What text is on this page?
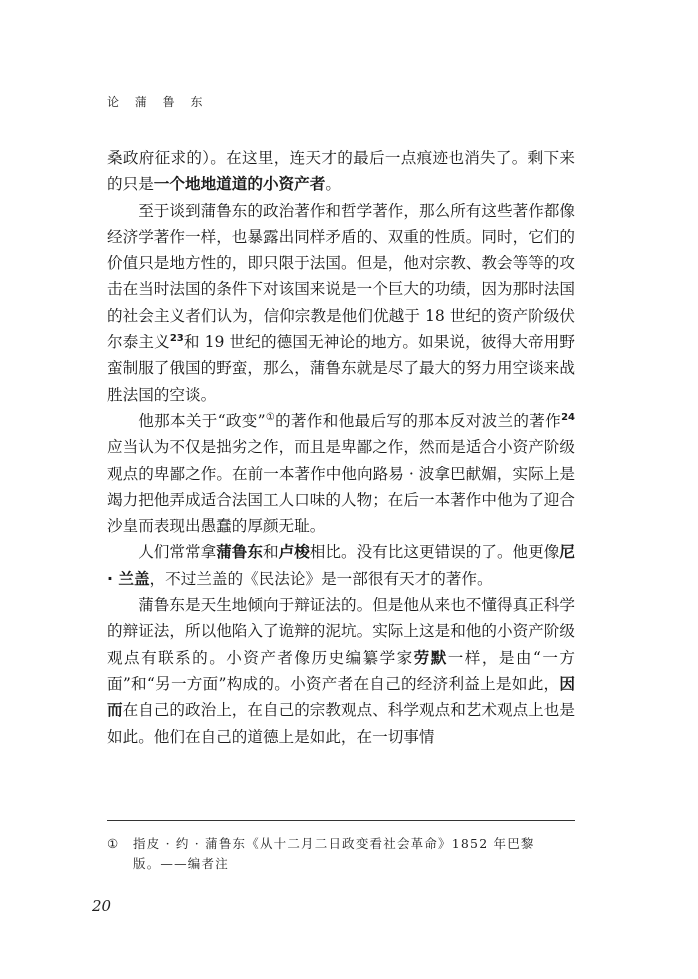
论 蒲 鲁 东

桑政府征求的）。在这里，连天才的最后一点痕迹也消失了。剩下来的只是一个地地道道的小资产者。

至于谈到蒲鲁东的政治著作和哲学著作，那么所有这些著作都像经济学著作一样，也暴露出同样矛盾的、双重的性质。同时，它们的价值只是地方性的，即只限于法国。但是，他对宗教、教会等等的攻击在当时法国的条件下对该国来说是一个巨大的功绩，因为那时法国的社会主义者们认为，信仰宗教是他们优越于 18 世纪的资产阶级伏尔泰主义$^{23}$和 19 世纪的德国无神论的地方。如果说，彼得大帝用野蛮制服了俄国的野蛮，那么，蒲鲁东就是尽了最大的努力用空谈来战胜法国的空谈。

他那本关于“政变”①的著作和他最后写的那本反对波兰的著作$^{24}$应当认为不仅是拙劣之作，而且是卑鄙之作，然而是适合小资产阶级观点的卑鄙之作。在前一本著作中他向路易 · 波拿巴献媚，实际上是竭力把他弄成适合法国工人口味的人物；在后一本著作中他为了迎合沙皇而表现出愚蠢的厚颜无耻。

人们常常拿蒲鲁东和卢梭相比。没有比这更错误的了。他更像尼 · 兰盖，不过兰盖的《民法论》是一部很有天才的著作。

蒲鲁东是天生地倾向于辩证法的。但是他从来也不懂得真正科学的辩证法，所以他陷入了诡辩的泥坑。实际上这是和他的小资产阶级观点有联系的。小资产者像历史编纂学家劳默一样，是由“一方面”和“另一方面”构成的。小资产者在自己的经济利益上是如此，因而在自己的政治上，在自己的宗教观点、科学观点和艺术观点上也是如此。他们在自己的道德上是如此，在一切事情

① 指皮 · 约 · 蒲鲁东《从十二月二日政变看社会革命》1852 年巴黎
版。——编者注
20
